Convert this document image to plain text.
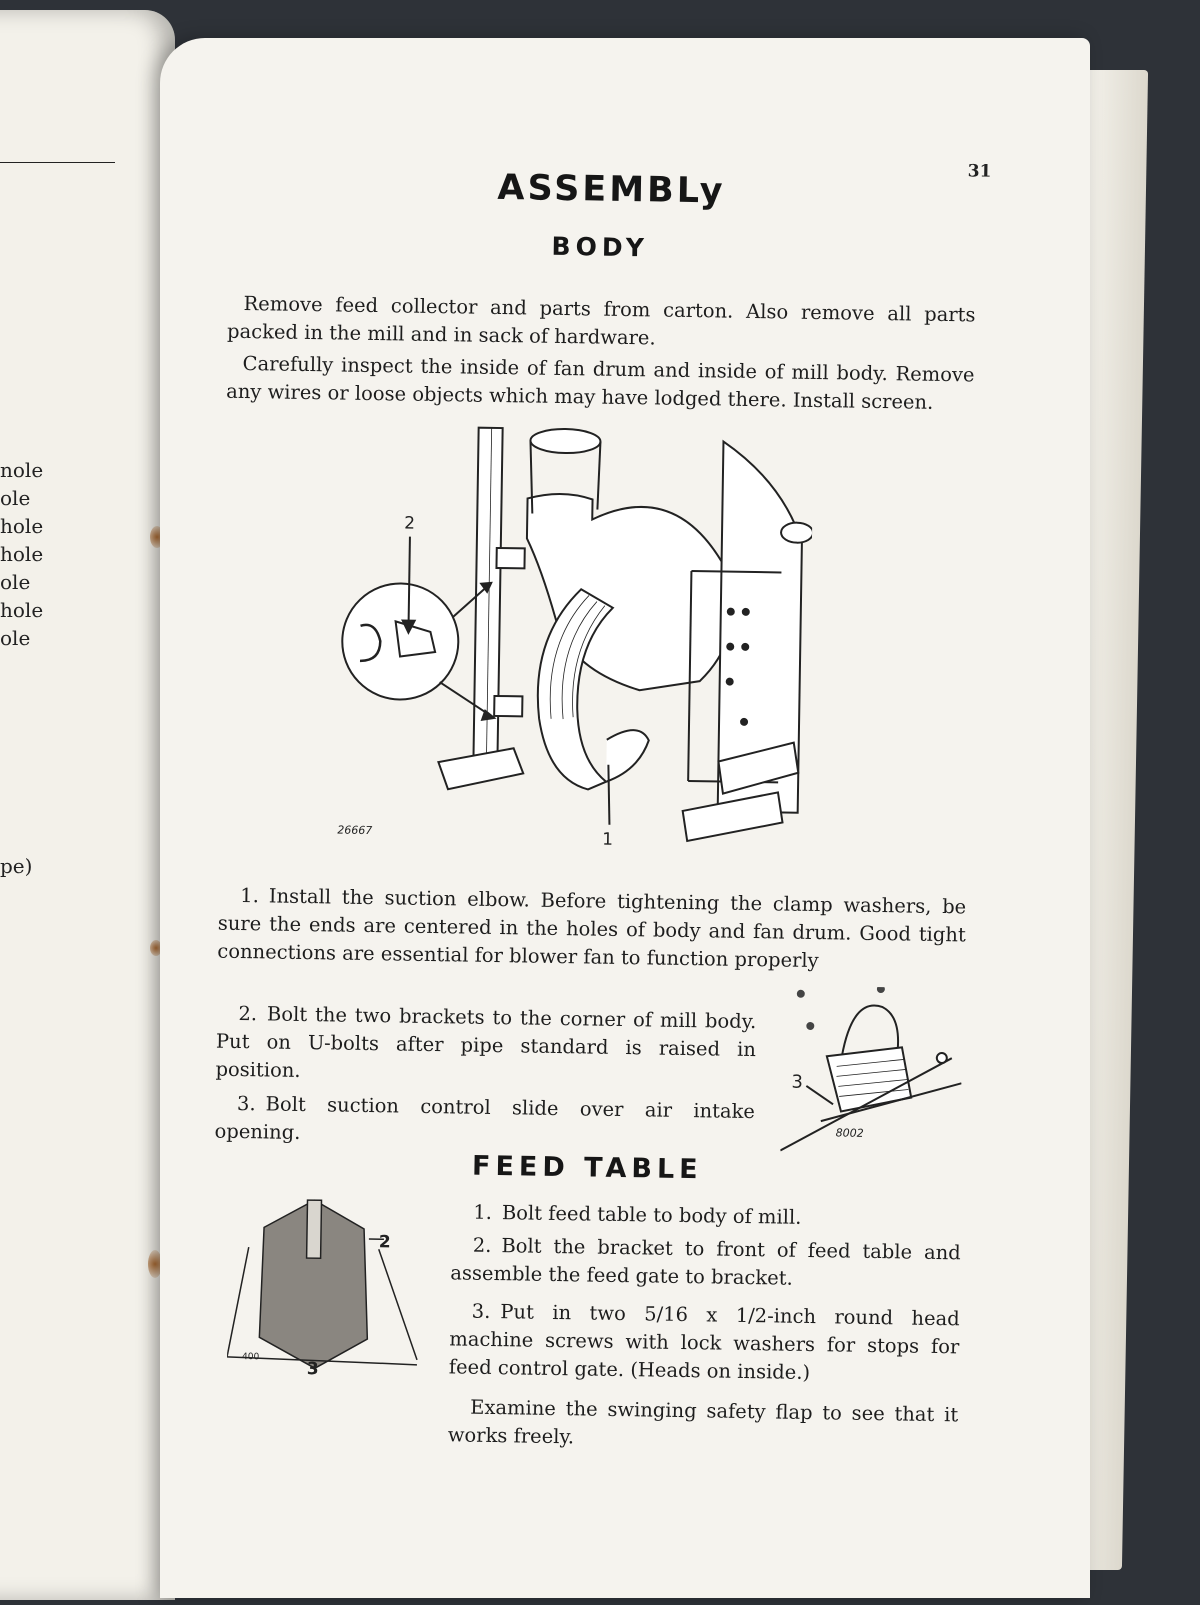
nole
ole
hole
hole
ole
hole
ole
pe)
31
ASSEMBLy
BODY
Remove feed collector and parts from carton. Also remove all parts packed in the mill and in sack of hardware.
Carefully inspect the inside of fan drum and inside of mill body. Remove any wires or loose objects which may have lodged there. Install screen.
2
1
26667
1. Install the suction elbow. Before tightening the clamp washers, be sure the ends are centered in the holes of body and fan drum. Good tight connections are essential for blower fan to function properly
2. Bolt the two brackets to the corner of mill body. Put on U-bolts after pipe standard is raised in position.
3. Bolt suction control slide over air intake opening.
3
8002
FEED TABLE
2
3
400
1. Bolt feed table to body of mill.
2. Bolt the bracket to front of feed table and assemble the feed gate to bracket.
3. Put in two 5/16 x 1/2-inch round head machine screws with lock washers for stops for feed control gate. (Heads on inside.)
Examine the swinging safety flap to see that it works freely.
